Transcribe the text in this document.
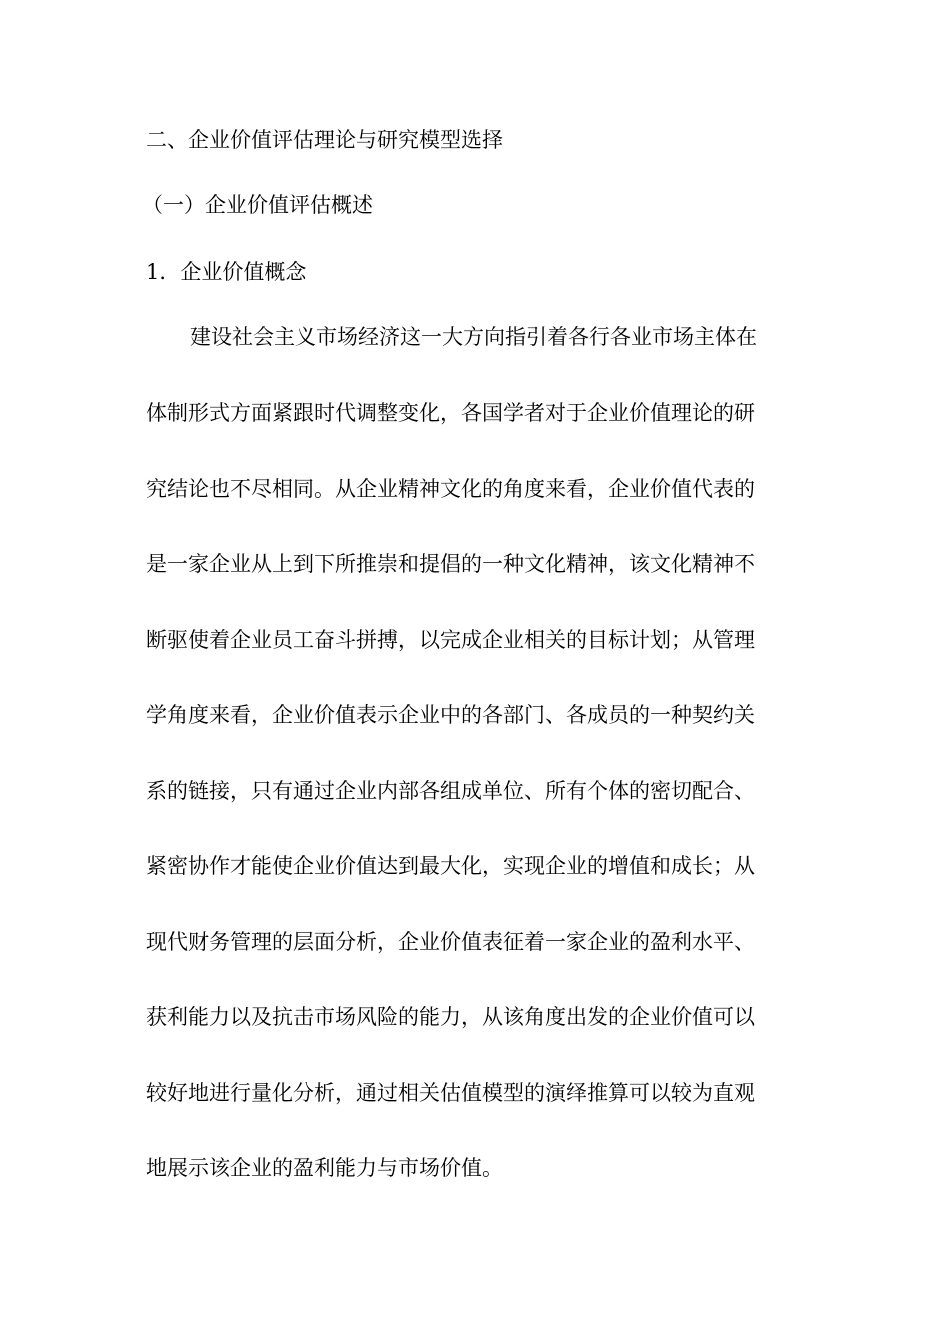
二、企业价值评估理论与研究模型选择
（一）企业价值评估概述
1．企业价值概念

建设社会主义市场经济这一大方向指引着各行各业市场主体在

体制形式方面紧跟时代调整变化，各国学者对于企业价值理论的研

究结论也不尽相同。从企业精神文化的角度来看，企业价值代表的

是一家企业从上到下所推崇和提倡的一种文化精神，该文化精神不

断驱使着企业员工奋斗拼搏，以完成企业相关的目标计划；从管理

学角度来看，企业价值表示企业中的各部门、各成员的一种契约关

系的链接，只有通过企业内部各组成单位、所有个体的密切配合、

紧密协作才能使企业价值达到最大化，实现企业的增值和成长；从

现代财务管理的层面分析，企业价值表征着一家企业的盈利水平、

获利能力以及抗击市场风险的能力，从该角度出发的企业价值可以

较好地进行量化分析，通过相关估值模型的演绎推算可以较为直观

地展示该企业的盈利能力与市场价值。
